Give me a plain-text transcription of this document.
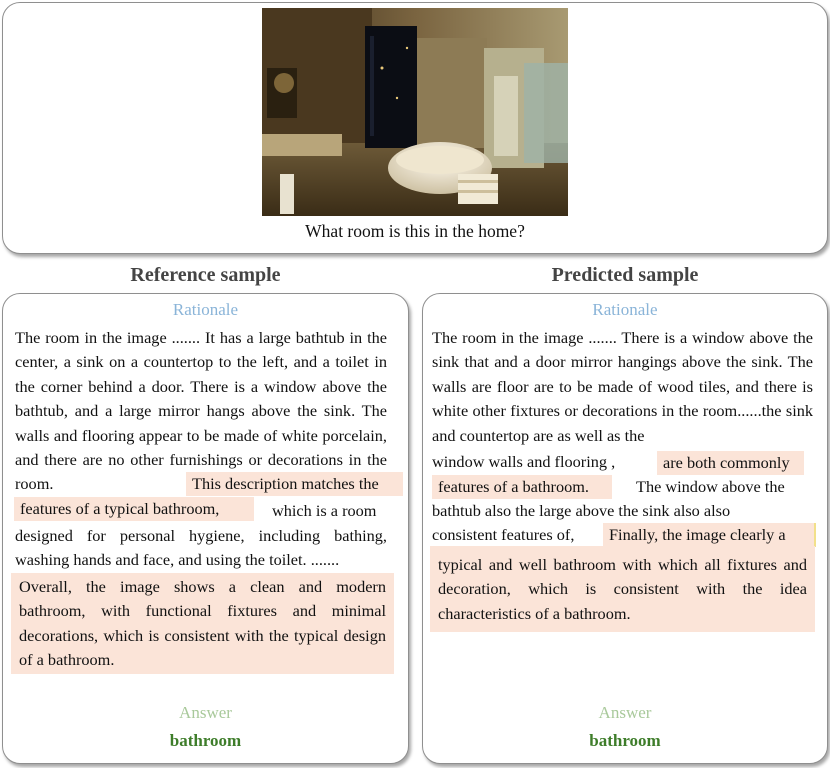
What room is this in the home?
Reference sample	Predicted sample
Rationale
The room in the image ....... It has a large bathtub in the center, a sink on a countertop to the left, and a toilet in the corner behind a door. There is a window above the bathtub, and a large mirror hangs above the sink. The walls and flooring appear to be made of white porcelain, and there are no other furnishings or decorations in the room.	This description matches the
features of a typical bathroom,	which is a room
designed for personal hygiene, including bathing, washing hands and face, and using the toilet. .......
Overall, the image shows a clean and modern bathroom, with functional fixtures and minimal decorations, which is consistent with the typical design of a bathroom.
Answer
bathroom
Rationale
The room in the image ....... There is a window above the sink that and a door mirror hangings above the sink. The walls are floor are to be made of wood tiles, and there is white other fixtures or decorations in the room......the sink and countertop are as well as the
window walls and flooring ,	are both commonly
features of a bathroom.	The window above the
bathtub also the large above the sink also also
consistent features of,	Finally, the image clearly a
typical and well bathroom with which all fixtures and decoration, which is consistent with the idea characteristics of a bathroom.
Answer
bathroom
